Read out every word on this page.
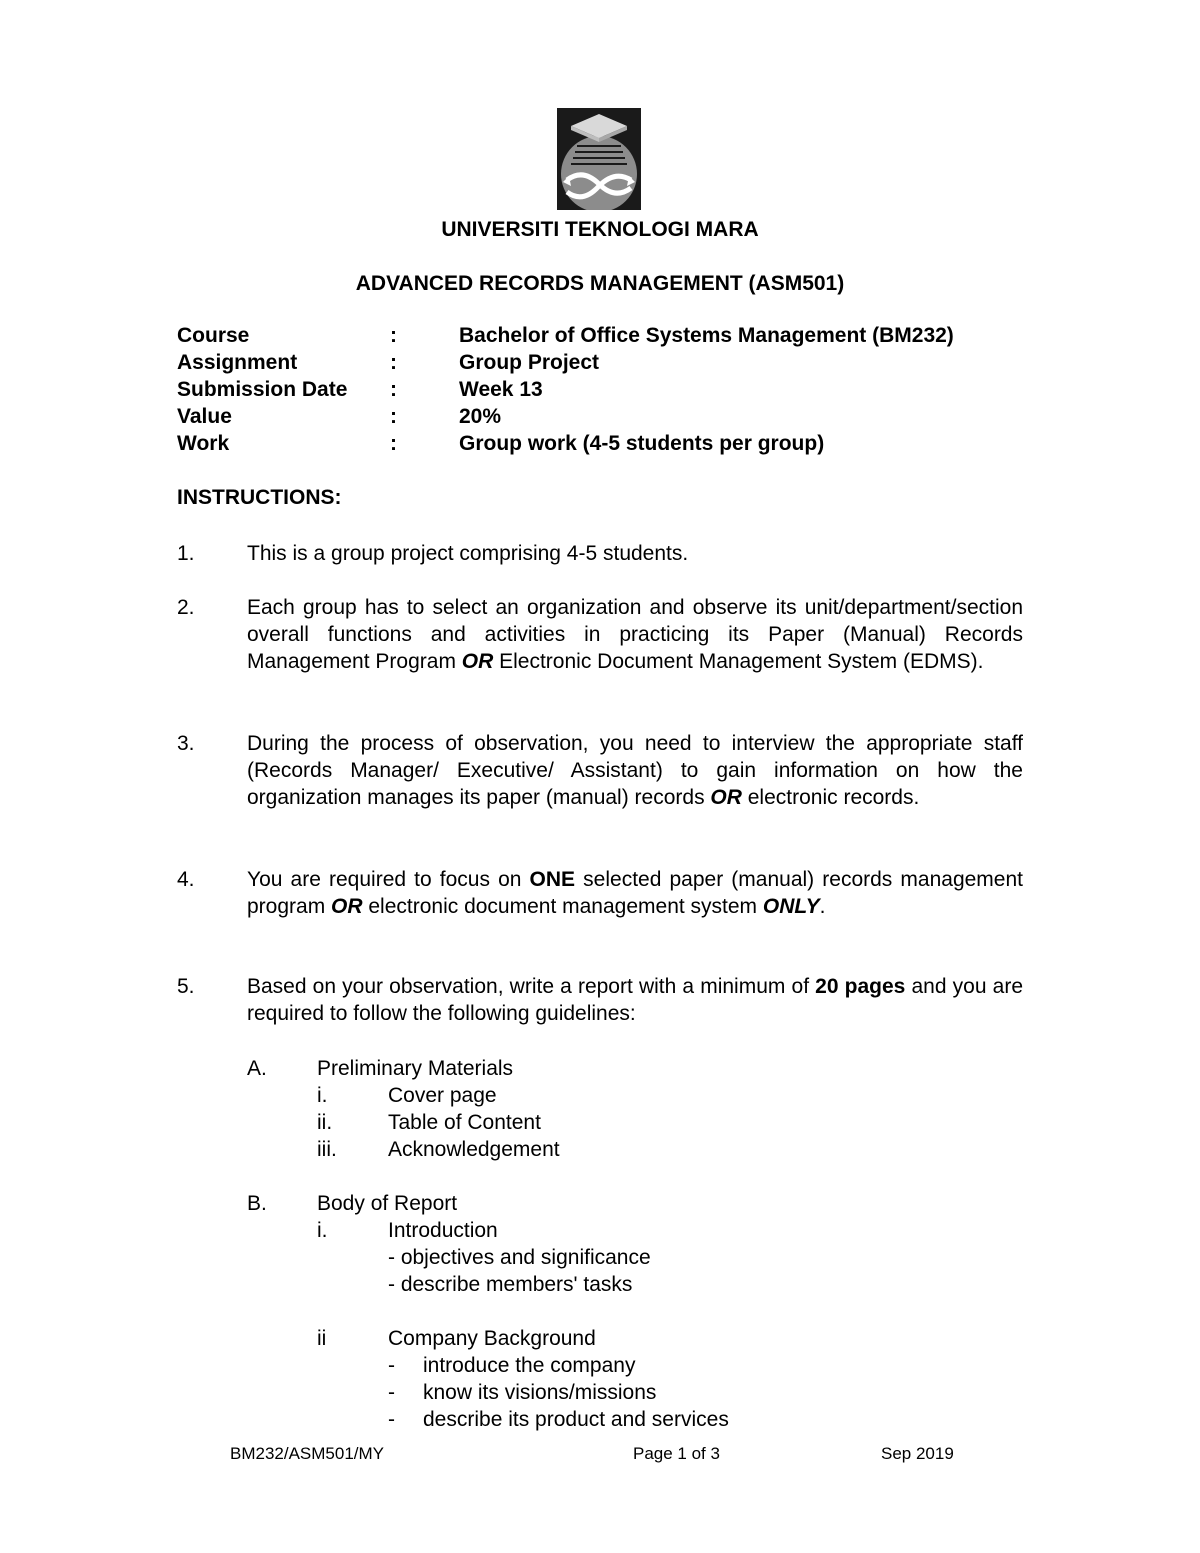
UNIVERSITI TEKNOLOGI MARA
ADVANCED RECORDS MANAGEMENT (ASM501)
Course	:	Bachelor of Office Systems Management (BM232)
Assignment	:	Group Project
Submission Date :	Week 13
Value	:	20%
Work	:	Group work (4-5 students per group)
INSTRUCTIONS:
1. This is a group project comprising 4-5 students.
2. Each group has to select an organization and observe its unit/department/section overall functions and activities in practicing its Paper (Manual) Records Management Program OR Electronic Document Management System (EDMS).
3. During the process of observation, you need to interview the appropriate staff (Records Manager/ Executive/ Assistant) to gain information on how the organization manages its paper (manual) records OR electronic records.
4. You are required to focus on ONE selected paper (manual) records management program OR electronic document management system ONLY.
5. Based on your observation, write a report with a minimum of 20 pages and you are required to follow the following guidelines:
A. Preliminary Materials
i.	Cover page
ii.	Table of Content
iii. Acknowledgement
B. Body of Report
i.	Introduction
- objectives and significance
- describe members' tasks
ii	Company Background
- introduce the company
- know its visions/missions
- describe its product and services
BM232/ASM501/MY	Page 1 of 3	Sep 2019
